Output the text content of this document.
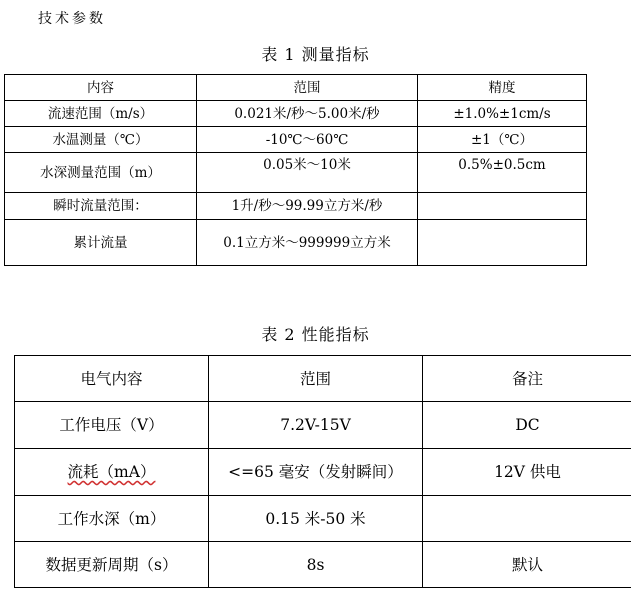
技术参数
表 1 测量指标
内容	范围	精度
流速范围（m/s）	0.021米/秒～5.00米/秒	±1.0%±1cm/s
水温测量（℃）	-10℃～60℃	±1（℃）
水深测量范围（m）	0.05米～10米	0.5%±0.5cm
瞬时流量范围：	1升/秒～99.99立方米/秒	
累计流量	0.1立方米～999999立方米	
表 2 性能指标
电气内容	范围	备注
工作电压（V）	7.2V-15V	DC
流耗（mA）	<=65 毫安（发射瞬间）	12V 供电
工作水深（m）	0.15 米-50 米	
数据更新周期（s）	8s	默认
